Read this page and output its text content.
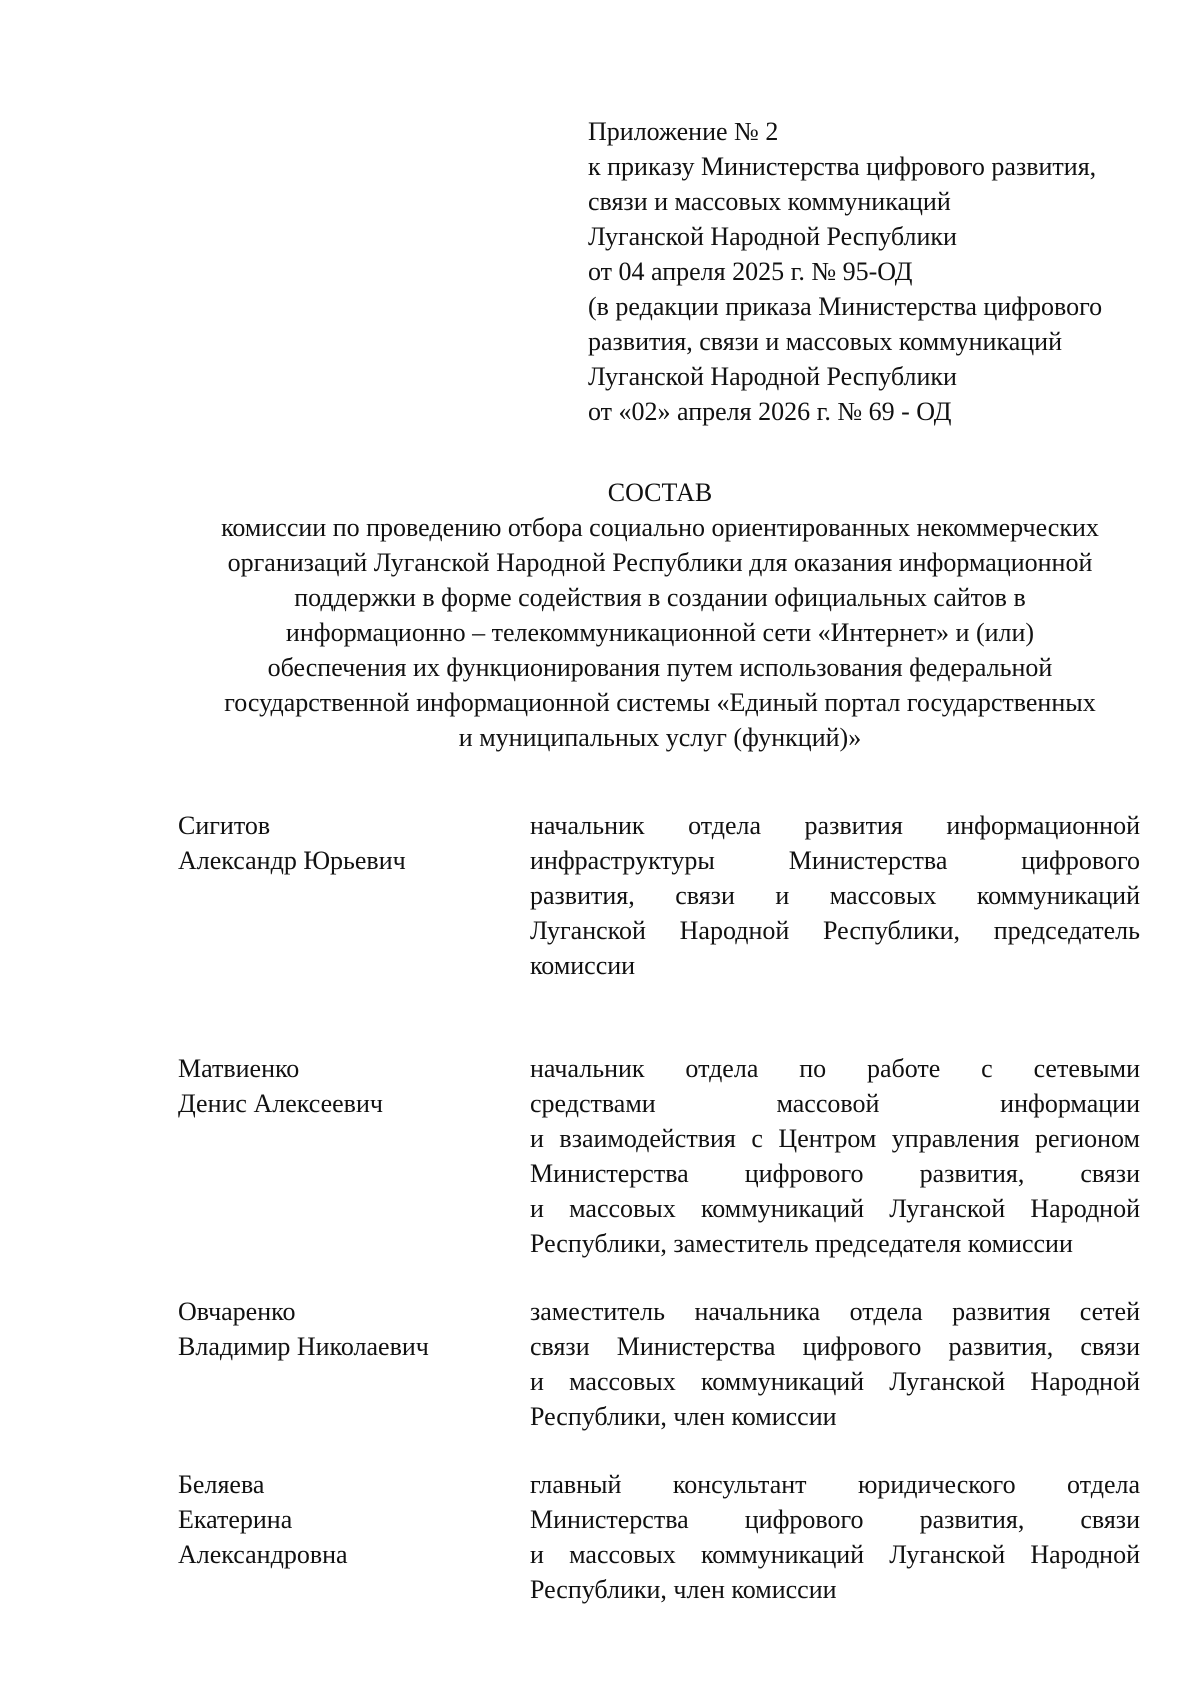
Приложение № 2
к приказу Министерства цифрового развития,
связи и массовых коммуникаций
Луганской Народной Республики
от 04 апреля 2025 г. № 95-ОД
(в редакции приказа Министерства цифрового
развития, связи и массовых коммуникаций
Луганской Народной Республики
от «02» апреля 2026 г. № 69 - ОД
СОСТАВ
комиссии по проведению отбора социально ориентированных некоммерческих
организаций Луганской Народной Республики для оказания информационной
поддержки в форме содействия в создании официальных сайтов в
информационно – телекоммуникационной сети «Интернет» и (или)
обеспечения их функционирования путем использования федеральной
государственной информационной системы «Единый портал государственных
и муниципальных услуг (функций)»
Сигитов
Александр Юрьевич
начальник отдела развития информационной
инфраструктуры Министерства цифрового
развития, связи и массовых коммуникаций
Луганской Народной Республики, председатель
комиссии
Матвиенко
Денис Алексеевич
начальник отдела по работе с сетевыми
средствами массовой информации
и взаимодействия с Центром управления регионом
Министерства цифрового развития, связи
и массовых коммуникаций Луганской Народной
Республики, заместитель председателя комиссии
Овчаренко
Владимир Николаевич
заместитель начальника отдела развития сетей
связи Министерства цифрового развития, связи
и массовых коммуникаций Луганской Народной
Республики, член комиссии
Беляева
Екатерина
Александровна
главный консультант юридического отдела
Министерства цифрового развития, связи
и массовых коммуникаций Луганской Народной
Республики, член комиссии
